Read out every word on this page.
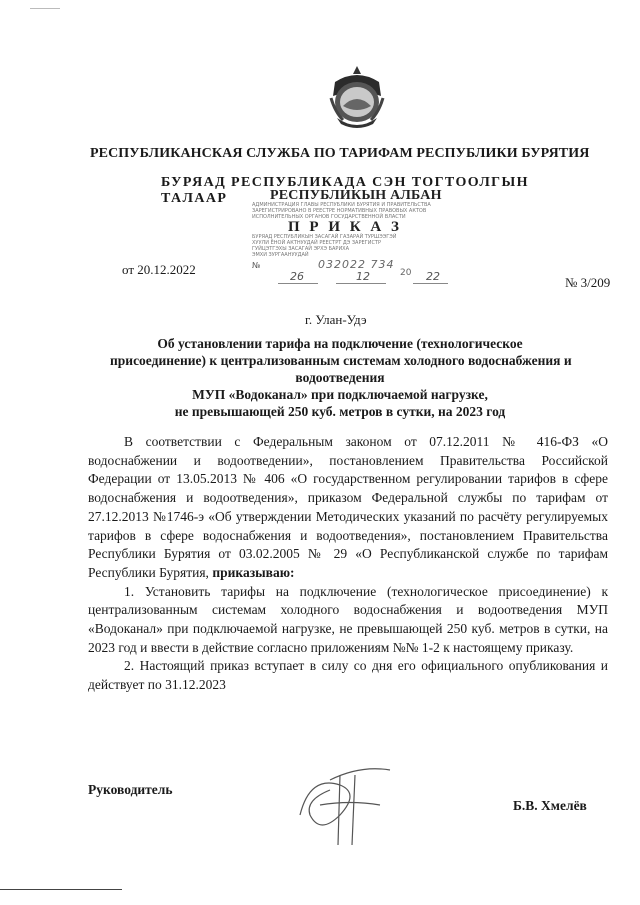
РЕСПУБЛИКАНСКАЯ СЛУЖБА ПО ТАРИФАМ РЕСПУБЛИКИ БУРЯТИЯ
БУРЯАД РЕСПУБЛИКАДА СЭН ТОГТООЛГЫН ТАЛААР	РЕСПУБЛИКЫН АЛБАН
АДМИНИСТРАЦИЯ ГЛАВЫ РЕСПУБЛИКИ БУРЯТИЯ И ПРАВИТЕЛЬСТВА
ЗАРЕГИСТРИРОВАНО В РЕЕСТРЕ НОРМАТИВНЫХ ПРАВОВЫХ АКТОВ
ИСПОЛНИТЕЛЬНЫХ ОРГАНОВ ГОСУДАРСТВЕННОЙ ВЛАСТИ
П Р И К А З
БУРЯАД РЕСПУБЛИКЫН ЗАСАГАЙ ГАЗАРАЙ ТУРШЭЭГЭЙ
ХУУЛИ ЁНОЙ АКТНУУДАЙ РЕЕСТРТ ДЭ ЗАРЕГИСТР
ГУЙЦЭТГЭХЫ ЗАСАГАЙ ЭРХЭ БАРИХА
ЭМХИ ЗУРГААНУУДАЙ
№	032022 734
26	12	20 22
от 20.12.2022
№ 3/209
г. Улан-Удэ
Об установлении тарифа на подключение (технологическое
присоединение) к централизованным системам холодного водоснабжения и
водоотведения
МУП «Водоканал» при подключаемой нагрузке,
не превышающей 250 куб. метров в сутки, на 2023 год

В соответствии с Федеральным законом от 07.12.2011 № 416-ФЗ «О водоснабжении и водоотведении», постановлением Правительства Российской Федерации от 13.05.2013 № 406 «О государственном регулировании тарифов в сфере водоснабжения и водоотведения», приказом Федеральной службы по тарифам от 27.12.2013 №1746-э «Об утверждении Методических указаний по расчёту регулируемых тарифов в сфере водоснабжения и водоотведения», постановлением Правительства Республики Бурятия от 03.02.2005 № 29 «О Республиканской службе по тарифам Республики Бурятия, приказываю:

1. Установить тарифы на подключение (технологическое присоединение) к централизованным системам холодного водоснабжения и водоотведения МУП «Водоканал» при подключаемой нагрузке, не превышающей 250 куб. метров в сутки, на 2023 год и ввести в действие согласно приложениям №№ 1-2 к настоящему приказу.

2. Настоящий приказ вступает в силу со дня его официального опубликования и действует по 31.12.2023

Руководитель
Б.В. Хмелёв
